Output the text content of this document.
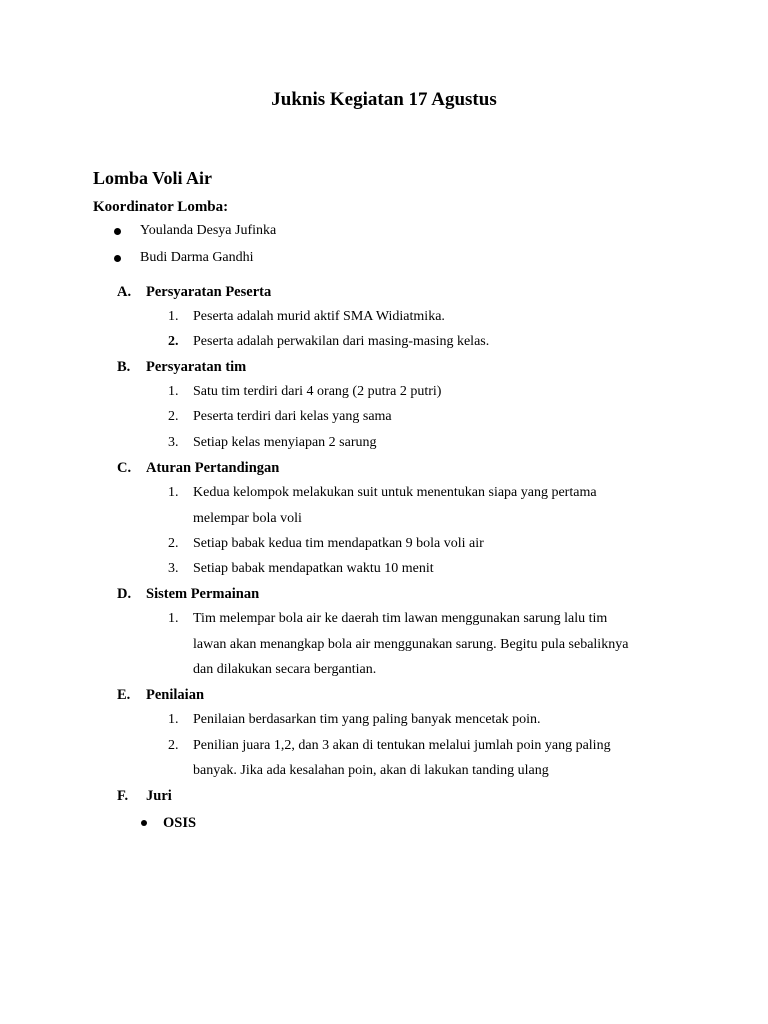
Juknis Kegiatan 17 Agustus
Lomba Voli Air
Koordinator Lomba:
Youlanda Desya Jufinka
Budi Darma Gandhi
A. Persyaratan Peserta
1. Peserta adalah murid aktif SMA Widiatmika.
2. Peserta adalah perwakilan dari masing-masing kelas.
B. Persyaratan tim
1. Satu tim terdiri dari 4 orang (2 putra 2 putri)
2. Peserta terdiri dari kelas yang sama
3. Setiap kelas menyiapan 2 sarung
C. Aturan Pertandingan
1. Kedua kelompok melakukan suit untuk menentukan siapa yang pertama
melempar bola voli
2. Setiap babak kedua tim mendapatkan 9 bola voli air
3. Setiap babak mendapatkan waktu 10 menit
D. Sistem Permainan
1. Tim melempar bola air ke daerah tim lawan menggunakan sarung lalu tim
lawan akan menangkap bola air menggunakan sarung. Begitu pula sebaliknya
dan dilakukan secara bergantian.
E. Penilaian
1. Penilaian berdasarkan tim yang paling banyak mencetak poin.
2. Penilian juara 1,2, dan 3 akan di tentukan melalui jumlah poin yang paling
banyak. Jika ada kesalahan poin, akan di lakukan tanding ulang
F. Juri
OSIS
